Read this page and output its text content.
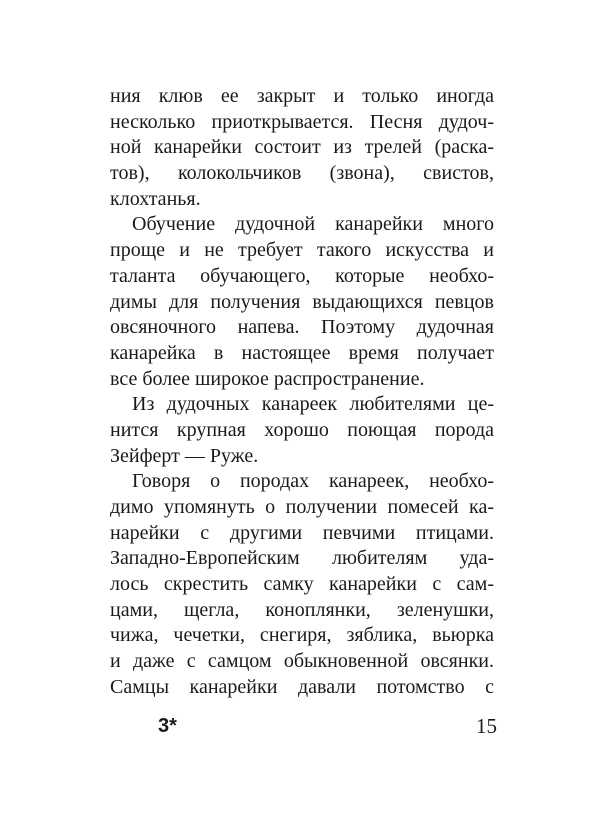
ния клюв ее закрыт и только иногда
несколько приоткрывается. Песня дудоч-
ной канарейки состоит из трелей (раска-
тов), колокольчиков (звона), свистов,
клохтанья.
Обучение дудочной канарейки много
проще и не требует такого искусства и
таланта обучающего, которые необхо-
димы для получения выдающихся певцов
овсяночного напева. Поэтому дудочная
канарейка в настоящее время получает
все более широкое распространение.
Из дудочных канареек любителями це-
нится крупная хорошо поющая порода
Зейферт — Руже.
Говоря о породах канареек, необхо-
димо упомянуть о получении помесей ка-
нарейки с другими певчими птицами.
Западно-Европейским любителям уда-
лось скрестить самку канарейки с сам-
цами, щегла, коноплянки, зеленушки,
чижа, чечетки, снегиря, зяблика, вьюрка
и даже с самцом обыкновенной овсянки.
Самцы канарейки давали потомство с
3*	15
